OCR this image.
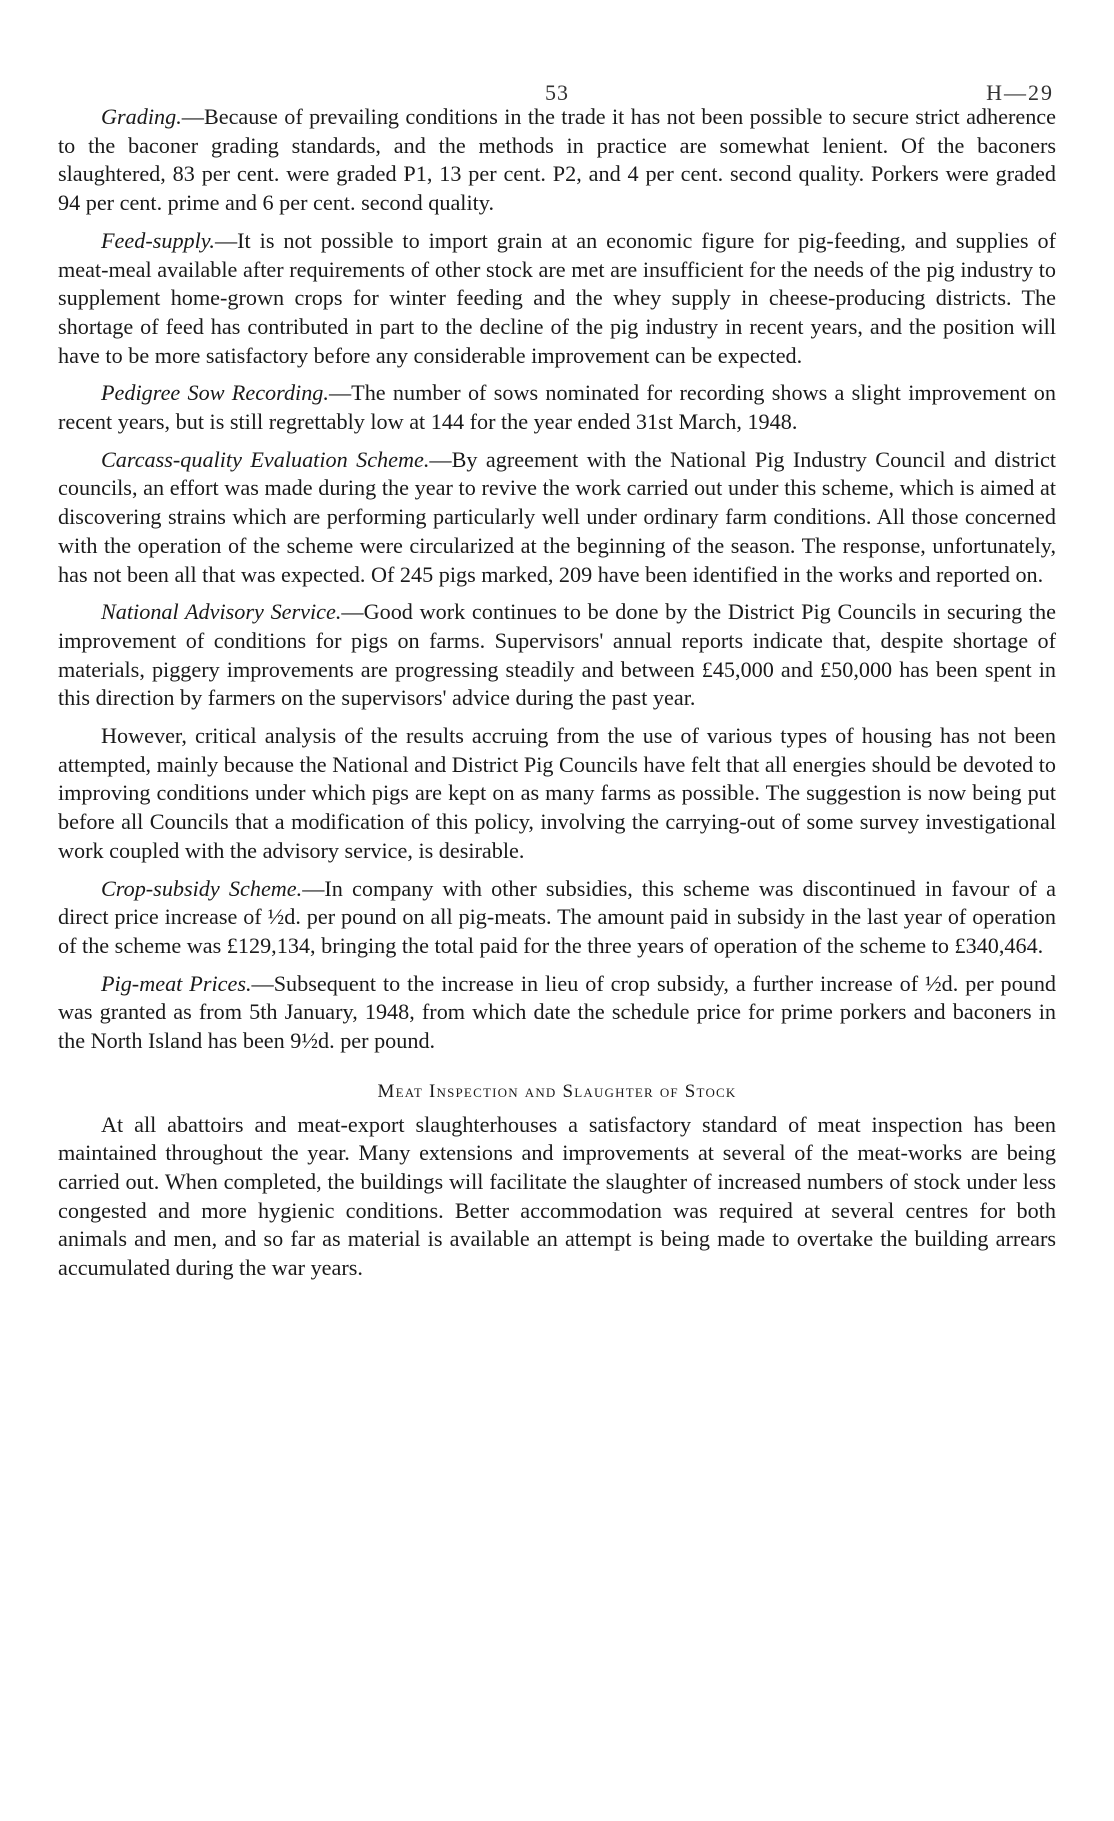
53	H—29

Grading.—Because of prevailing conditions in the trade it has not been possible to secure strict adherence to the baconer grading standards, and the methods in practice are somewhat lenient. Of the baconers slaughtered, 83 per cent. were graded P1, 13 per cent. P2, and 4 per cent. second quality. Porkers were graded 94 per cent. prime and 6 per cent. second quality.

Feed-supply.—It is not possible to import grain at an economic figure for pig-feeding, and supplies of meat-meal available after requirements of other stock are met are insufficient for the needs of the pig industry to supplement home-grown crops for winter feeding and the whey supply in cheese-producing districts. The shortage of feed has contributed in part to the decline of the pig industry in recent years, and the position will have to be more satisfactory before any considerable improvement can be expected.

Pedigree Sow Recording.—The number of sows nominated for recording shows a slight improvement on recent years, but is still regrettably low at 144 for the year ended 31st March, 1948.

Carcass-quality Evaluation Scheme.—By agreement with the National Pig Industry Council and district councils, an effort was made during the year to revive the work carried out under this scheme, which is aimed at discovering strains which are performing particularly well under ordinary farm conditions. All those concerned with the operation of the scheme were circularized at the beginning of the season. The response, unfortunately, has not been all that was expected. Of 245 pigs marked, 209 have been identified in the works and reported on.

National Advisory Service.—Good work continues to be done by the District Pig Councils in securing the improvement of conditions for pigs on farms. Supervisors' annual reports indicate that, despite shortage of materials, piggery improvements are progressing steadily and between £45,000 and £50,000 has been spent in this direction by farmers on the supervisors' advice during the past year.

However, critical analysis of the results accruing from the use of various types of housing has not been attempted, mainly because the National and District Pig Councils have felt that all energies should be devoted to improving conditions under which pigs are kept on as many farms as possible. The suggestion is now being put before all Councils that a modification of this policy, involving the carrying-out of some survey investigational work coupled with the advisory service, is desirable.

Crop-subsidy Scheme.—In company with other subsidies, this scheme was discontinued in favour of a direct price increase of ½d. per pound on all pig-meats. The amount paid in subsidy in the last year of operation of the scheme was £129,134, bringing the total paid for the three years of operation of the scheme to £340,464.

Pig-meat Prices.—Subsequent to the increase in lieu of crop subsidy, a further increase of ½d. per pound was granted as from 5th January, 1948, from which date the schedule price for prime porkers and baconers in the North Island has been 9½d. per pound.

Meat Inspection and Slaughter of Stock

At all abattoirs and meat-export slaughterhouses a satisfactory standard of meat inspection has been maintained throughout the year. Many extensions and improvements at several of the meat-works are being carried out. When completed, the buildings will facilitate the slaughter of increased numbers of stock under less congested and more hygienic conditions. Better accommodation was required at several centres for both animals and men, and so far as material is available an attempt is being made to overtake the building arrears accumulated during the war years.
